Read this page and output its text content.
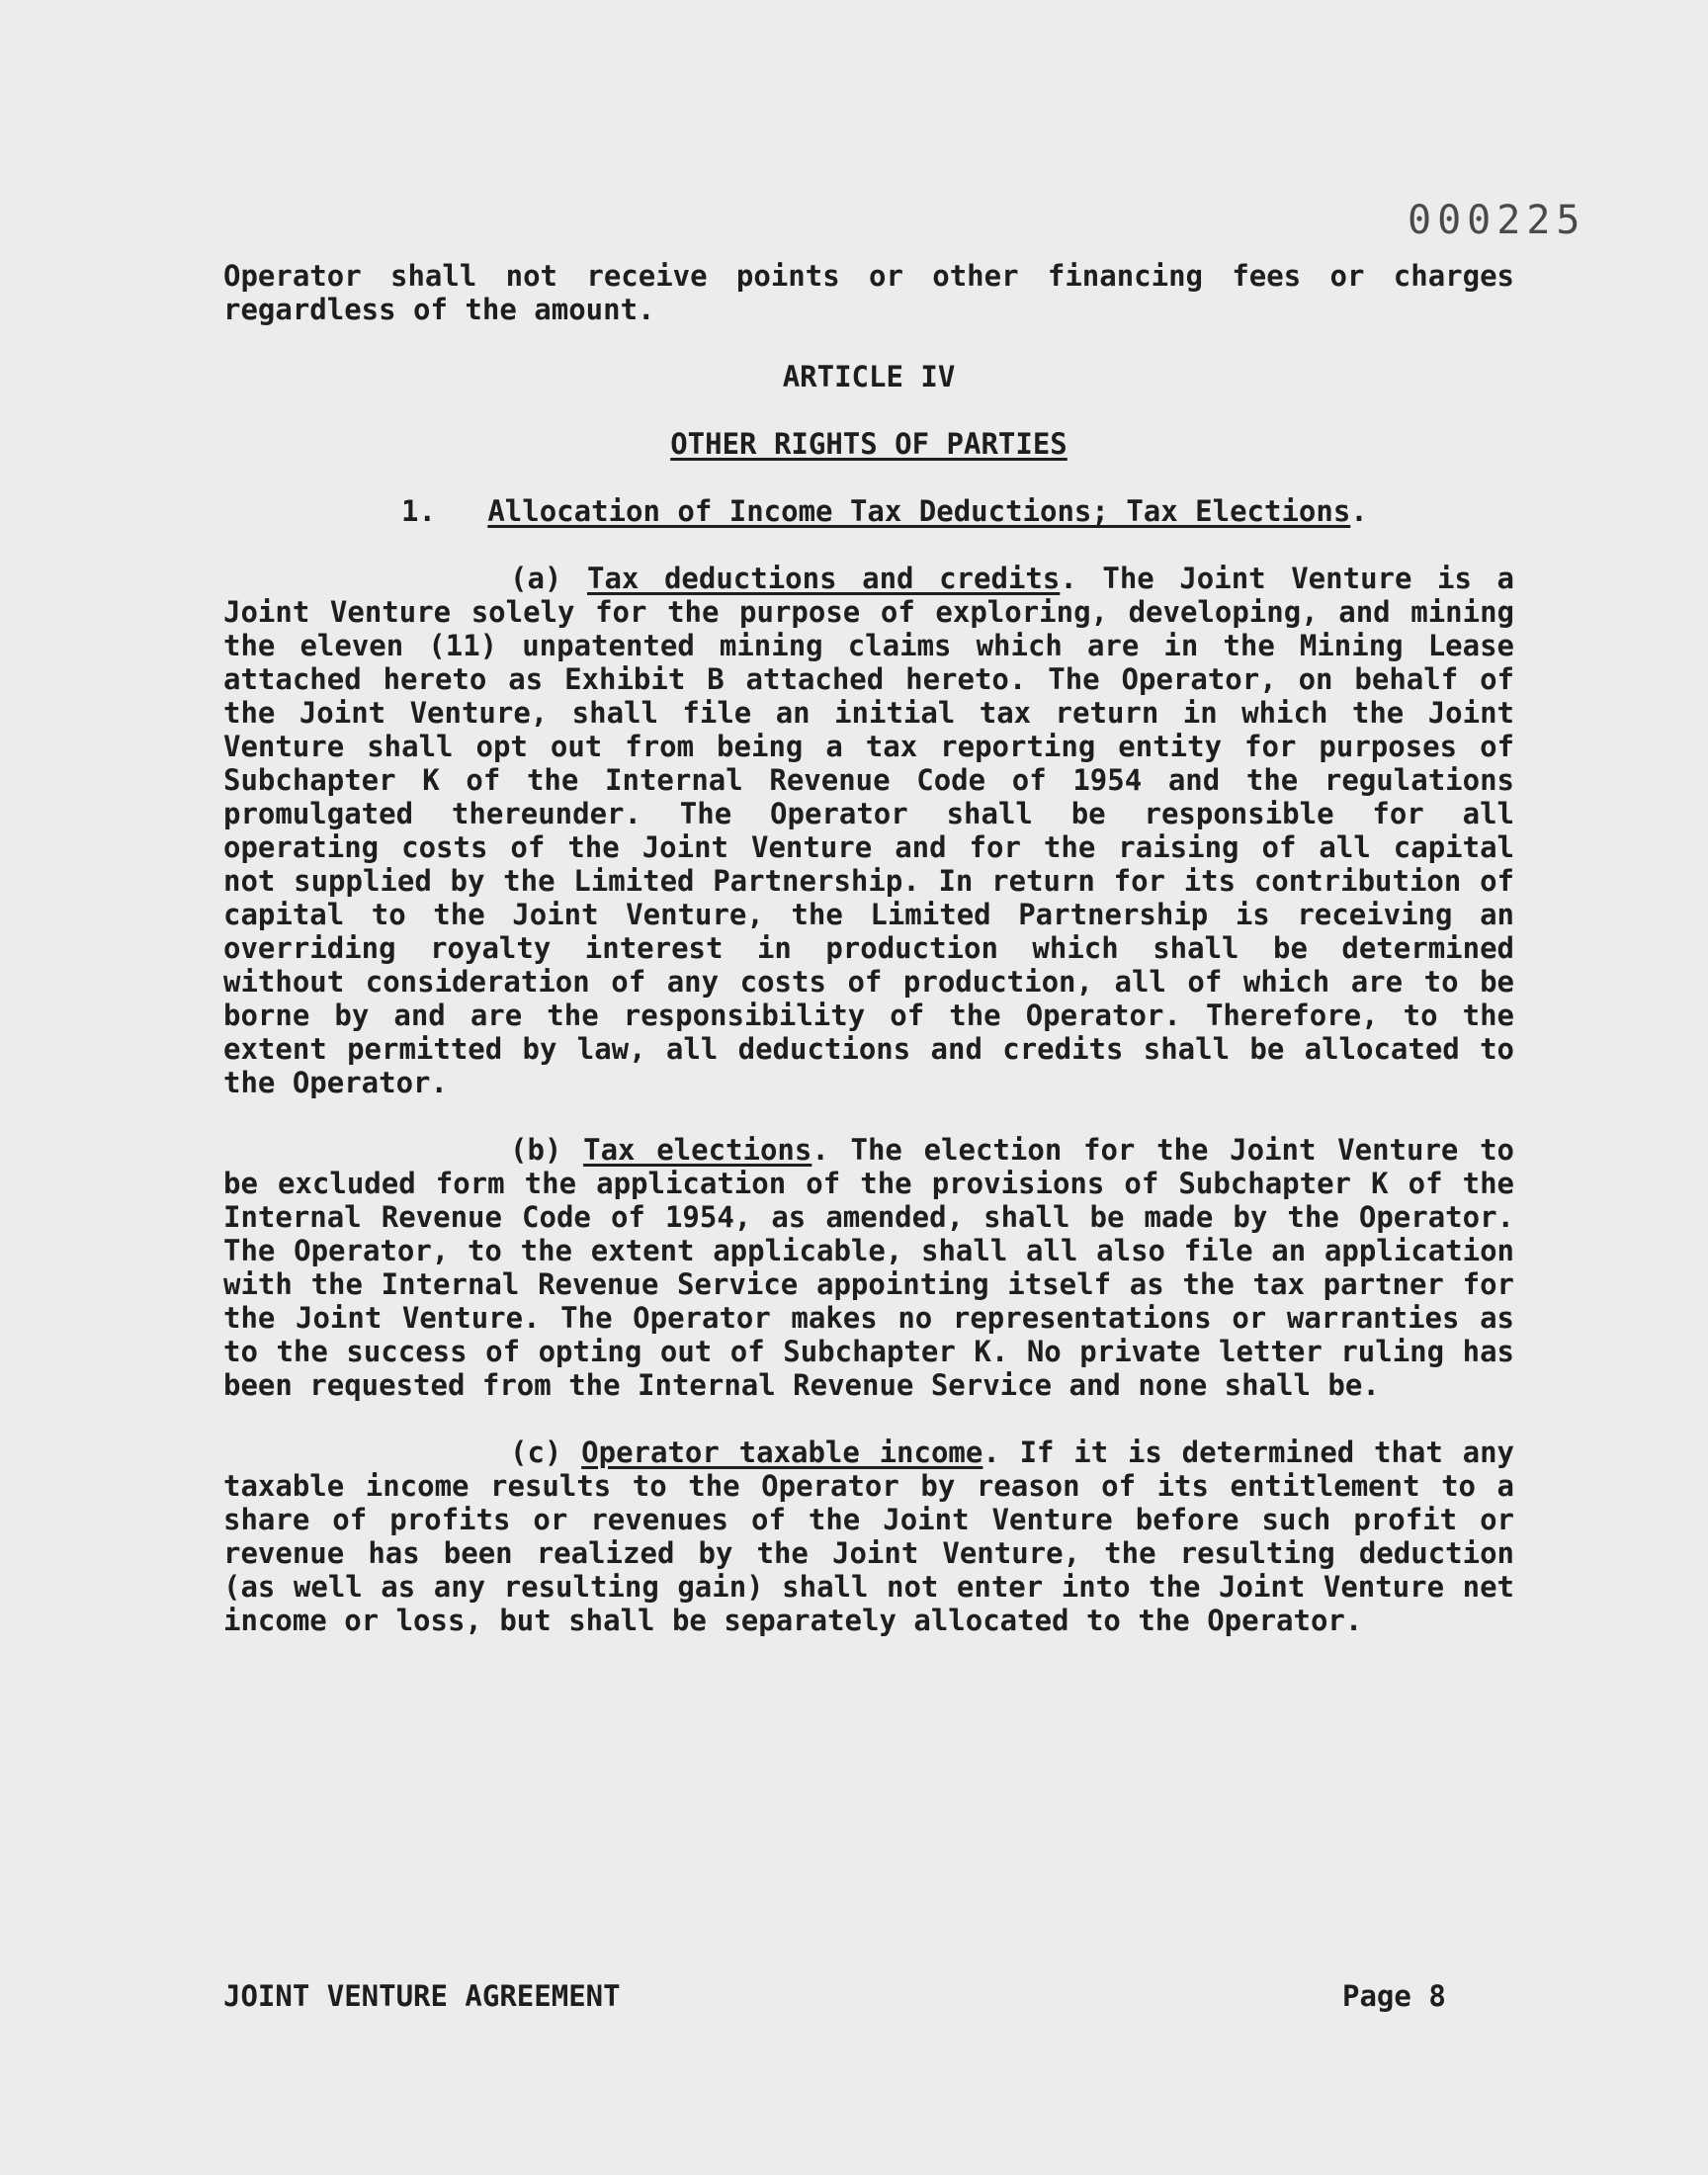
000225

Operator shall not receive points or other financing fees or charges regardless of the amount.

ARTICLE IV

OTHER RIGHTS OF PARTIES

1. Allocation of Income Tax Deductions; Tax Elections.

(a) Tax deductions and credits. The Joint Venture is a Joint Venture solely for the purpose of exploring, developing, and mining the eleven (11) unpatented mining claims which are in the Mining Lease attached hereto as Exhibit B attached hereto. The Operator, on behalf of the Joint Venture, shall file an initial tax return in which the Joint Venture shall opt out from being a tax reporting entity for purposes of Subchapter K of the Internal Revenue Code of 1954 and the regulations promulgated thereunder. The Operator shall be responsible for all operating costs of the Joint Venture and for the raising of all capital not supplied by the Limited Partnership. In return for its contribution of capital to the Joint Venture, the Limited Partnership is receiving an overriding royalty interest in production which shall be determined without consideration of any costs of production, all of which are to be borne by and are the responsibility of the Operator. Therefore, to the extent permitted by law, all deductions and credits shall be allocated to the Operator.

(b) Tax elections. The election for the Joint Venture to be excluded form the application of the provisions of Subchapter K of the Internal Revenue Code of 1954, as amended, shall be made by the Operator. The Operator, to the extent applicable, shall all also file an application with the Internal Revenue Service appointing itself as the tax partner for the Joint Venture. The Operator makes no representations or warranties as to the success of opting out of Subchapter K. No private letter ruling has been requested from the Internal Revenue Service and none shall be.

(c) Operator taxable income. If it is determined that any taxable income results to the Operator by reason of its entitlement to a share of profits or revenues of the Joint Venture before such profit or revenue has been realized by the Joint Venture, the resulting deduction (as well as any resulting gain) shall not enter into the Joint Venture net income or loss, but shall be separately allocated to the Operator.

JOINT VENTURE AGREEMENT	Page 8
